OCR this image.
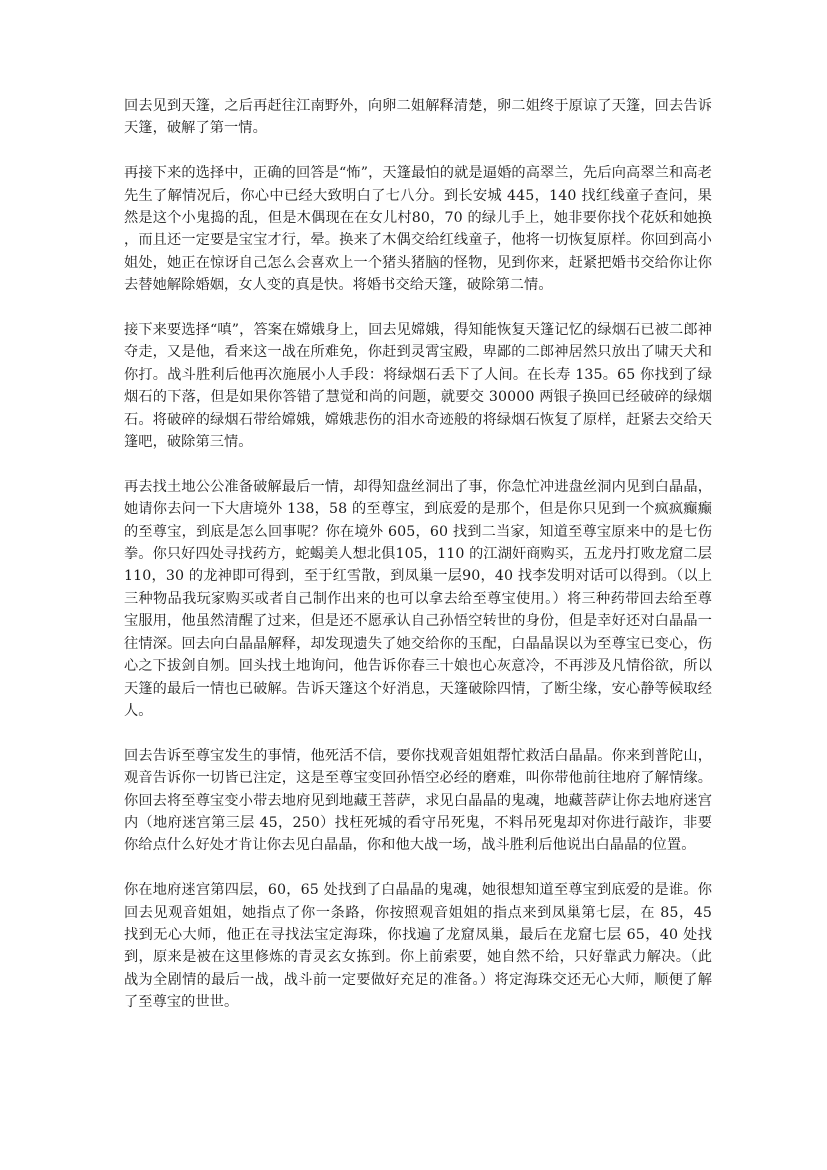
回去见到天篷，之后再赶往江南野外，向卵二姐解释清楚，卵二姐终于原谅了天篷，回去告诉天篷，破解了第一情。

再接下来的选择中，正确的回答是“怖”，天篷最怕的就是逼婚的高翠兰，先后向高翠兰和高老先生了解情况后，你心中已经大致明白了七八分。到长安城 445，140 找红线童子查问，果然是这个小鬼捣的乱，但是木偶现在在女儿村80，70 的绿儿手上，她非要你找个花妖和她换，而且还一定要是宝宝才行，晕。换来了木偶交给红线童子，他将一切恢复原样。你回到高小姐处，她正在惊讶自己怎么会喜欢上一个猪头猪脑的怪物，见到你来，赶紧把婚书交给你让你去替她解除婚姻，女人变的真是快。将婚书交给天篷，破除第二情。

接下来要选择“嗔”，答案在嫦娥身上，回去见嫦娥，得知能恢复天篷记忆的绿烟石已被二郎神夺走，又是他，看来这一战在所难免，你赶到灵霄宝殿，卑鄙的二郎神居然只放出了啸天犬和你打。战斗胜利后他再次施展小人手段：将绿烟石丢下了人间。在长寿 135。65 你找到了绿烟石的下落，但是如果你答错了慧觉和尚的问题，就要交 30000 两银子换回已经破碎的绿烟石。将破碎的绿烟石带给嫦娥，嫦娥悲伤的泪水奇迹般的将绿烟石恢复了原样，赶紧去交给天篷吧，破除第三情。

再去找土地公公准备破解最后一情，却得知盘丝洞出了事，你急忙冲进盘丝洞内见到白晶晶，她请你去问一下大唐境外 138，58 的至尊宝，到底爱的是那个，但是你只见到一个疯疯癫癫的至尊宝，到底是怎么回事呢？你在境外 605，60 找到二当家，知道至尊宝原来中的是七伤拳。你只好四处寻找药方，蛇蝎美人想北俱105，110 的江湖奸商购买，五龙丹打败龙窟二层 110，30 的龙神即可得到，至于红雪散，到凤巢一层90，40 找李发明对话可以得到。（以上三种物品我玩家购买或者自己制作出来的也可以拿去给至尊宝使用。）将三种药带回去给至尊宝服用，他虽然清醒了过来，但是还不愿承认自己孙悟空转世的身份，但是幸好还对白晶晶一往情深。回去向白晶晶解释，却发现遗失了她交给你的玉配，白晶晶误以为至尊宝已变心，伤心之下拔剑自刎。回头找土地询问，他告诉你春三十娘也心灰意冷，不再涉及凡情俗欲，所以天篷的最后一情也已破解。告诉天篷这个好消息，天篷破除四情，了断尘缘，安心静等候取经人。

回去告诉至尊宝发生的事情，他死活不信，要你找观音姐姐帮忙救活白晶晶。你来到普陀山，观音告诉你一切皆已注定，这是至尊宝变回孙悟空必经的磨难，叫你带他前往地府了解情缘。你回去将至尊宝变小带去地府见到地藏王菩萨，求见白晶晶的鬼魂，地藏菩萨让你去地府迷宫内（地府迷宫第三层 45，250）找枉死城的看守吊死鬼，不料吊死鬼却对你进行敲诈，非要你给点什么好处才肯让你去见白晶晶，你和他大战一场，战斗胜利后他说出白晶晶的位置。

你在地府迷宫第四层，60，65 处找到了白晶晶的鬼魂，她很想知道至尊宝到底爱的是谁。你回去见观音姐姐，她指点了你一条路，你按照观音姐姐的指点来到凤巢第七层，在 85，45 找到无心大师，他正在寻找法宝定海珠，你找遍了龙窟凤巢，最后在龙窟七层 65，40 处找到，原来是被在这里修炼的青灵玄女拣到。你上前索要，她自然不给，只好靠武力解决。（此战为全剧情的最后一战，战斗前一定要做好充足的准备。）将定海珠交还无心大师，顺便了解了至尊宝的世世。
